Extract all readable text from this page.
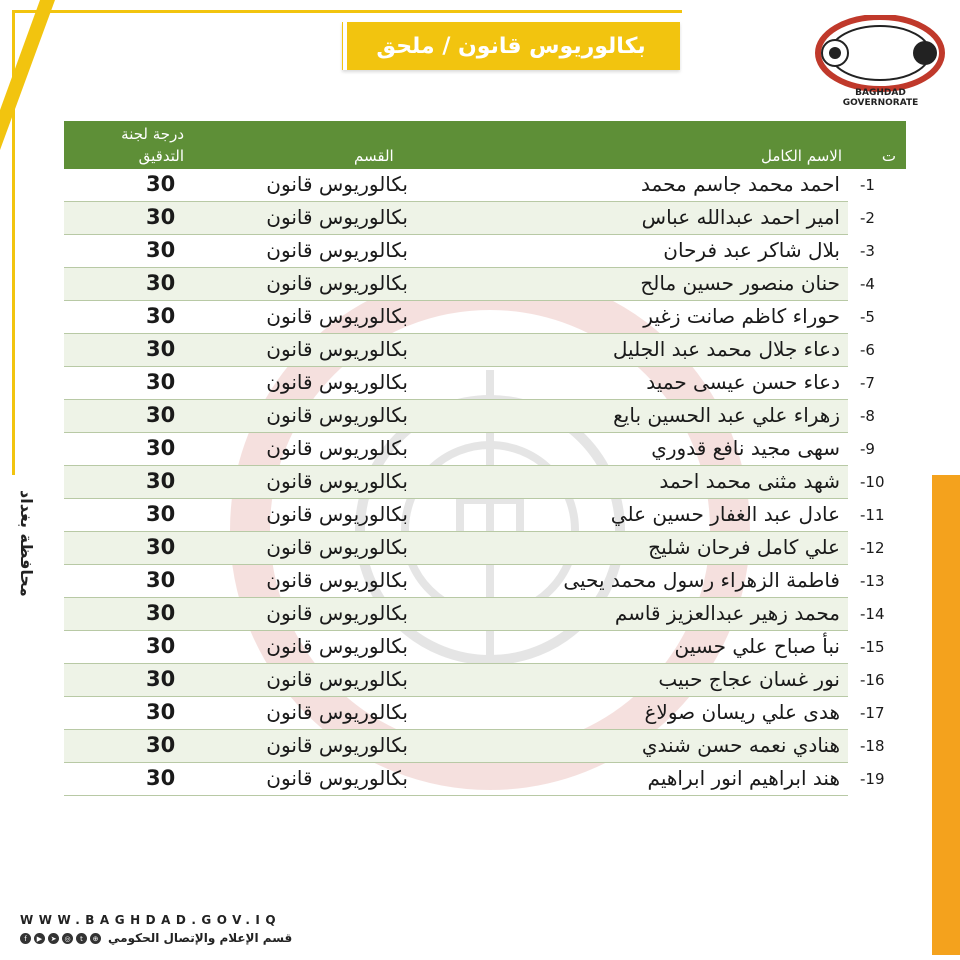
BAGHDAD GOVERNORATE
بكالوريوس قانون / ملحق
ت
الاسم الكامل
القسم
درجة لجنة
التدقيق
30	بكالوريوس قانون	احمد محمد جاسم محمد -1
30	بكالوريوس قانون	امير احمد عبدالله عباس -2
30	بكالوريوس قانون	بلال شاكر عبد فرحان -3
30	بكالوريوس قانون	حنان منصور حسين مالح -4
30	بكالوريوس قانون	حوراء كاظم صانت زغير -5
30	بكالوريوس قانون	دعاء جلال محمد عبد الجليل -6
30	بكالوريوس قانون	دعاء حسن عيسى حميد -7
30	بكالوريوس قانون	زهراء علي عبد الحسين بايع -8
30	بكالوريوس قانون	سهى مجيد نافع قدوري -9
30	بكالوريوس قانون	شهد مثنى محمد احمد -10
30	بكالوريوس قانون	عادل عبد الغفار حسين علي -11
30	بكالوريوس قانون	علي كامل فرحان شليج -12
30	بكالوريوس قانون	فاطمة الزهراء رسول محمد يحيى -13
30	بكالوريوس قانون	محمد زهير عبدالعزيز قاسم -14
30	بكالوريوس قانون	نبأ صباح علي حسين -15
30	بكالوريوس قانون	نور غسان عجاج حبيب -16
30	بكالوريوس قانون	هدى علي ريسان صولاغ -17
30	بكالوريوس قانون	هنادي نعمه حسن شندي -18
30	بكالوريوس قانون	هند ابراهيم انور ابراهيم -19
محافظة بغداد
WWW.BAGHDAD.GOV.IQ
f	▶	➤	◎	t	⊕ قسم الإعلام والإتصال الحكومي
